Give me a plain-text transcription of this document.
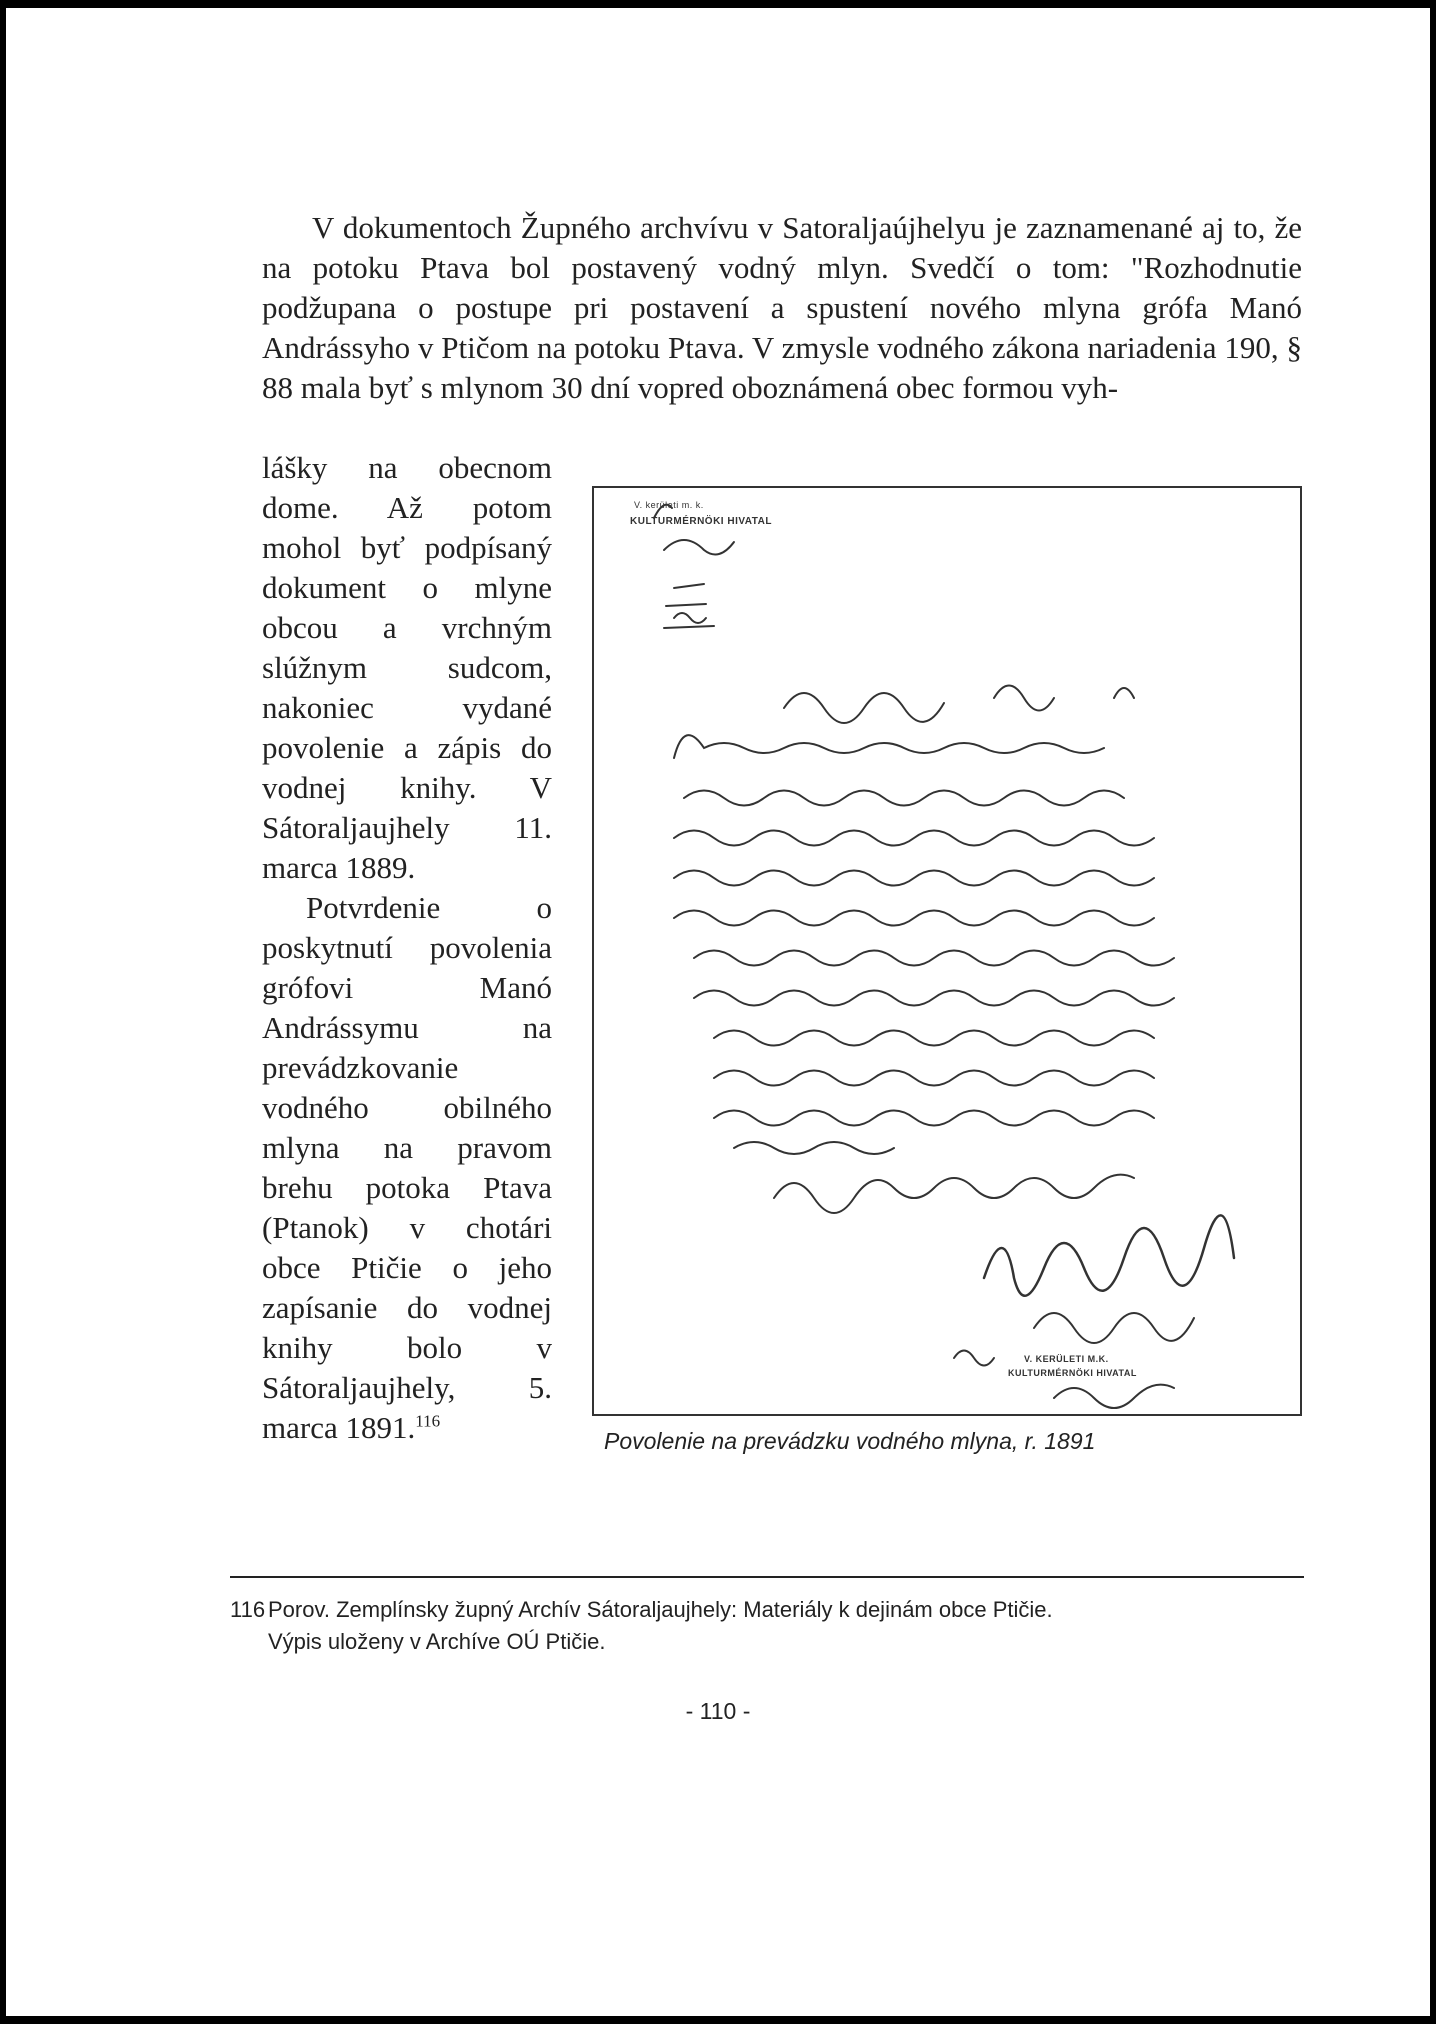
V dokumentoch Župného archvívu v Satoraljaújhelyu je zaznamenané aj to, že na potoku Ptava bol postavený vodný mlyn. Svedčí o tom: "Rozhodnutie podžupana o postupe pri postavení a spustení nového mlyna grófa Manó Andrássyho v Ptičom na potoku Ptava. V zmysle vodného zákona nariadenia 190, § 88 mala byť s mlynom 30 dní vopred oboznámená obec formou vyh-

lášky na obecnom dome. Až potom mohol byť podpísaný dokument o mlyne obcou a vrchným slúžnym sudcom, nakoniec vydané povolenie a zápis do vodnej knihy. V Sátoraljaujhely 11. marca 1889.

Potvrdenie o poskytnutí povolenia grófovi Manó Andrássymu na prevádzkovanie vodného obilného mlyna na pravom brehu potoka Ptava (Ptanok) v chotári obce Ptičie o jeho zapísanie do vodnej knihy bolo v Sátoraljaujhely, 5. marca 1891.$^{116}$

V. kerületi m. k.
KULTURMÉRNÖKI HIVATAL
V. KERÜLETI M.K.
KULTURMÉRNÖKI HIVATAL

Povolenie na prevádzku vodného mlyna, r. 1891

116 Porov. Zemplínsky župný Archív Sátoraljaujhely: Materiály k dejinám obce Ptičie.
Výpis uloženy v Archíve OÚ Ptičie.
- 110 -
